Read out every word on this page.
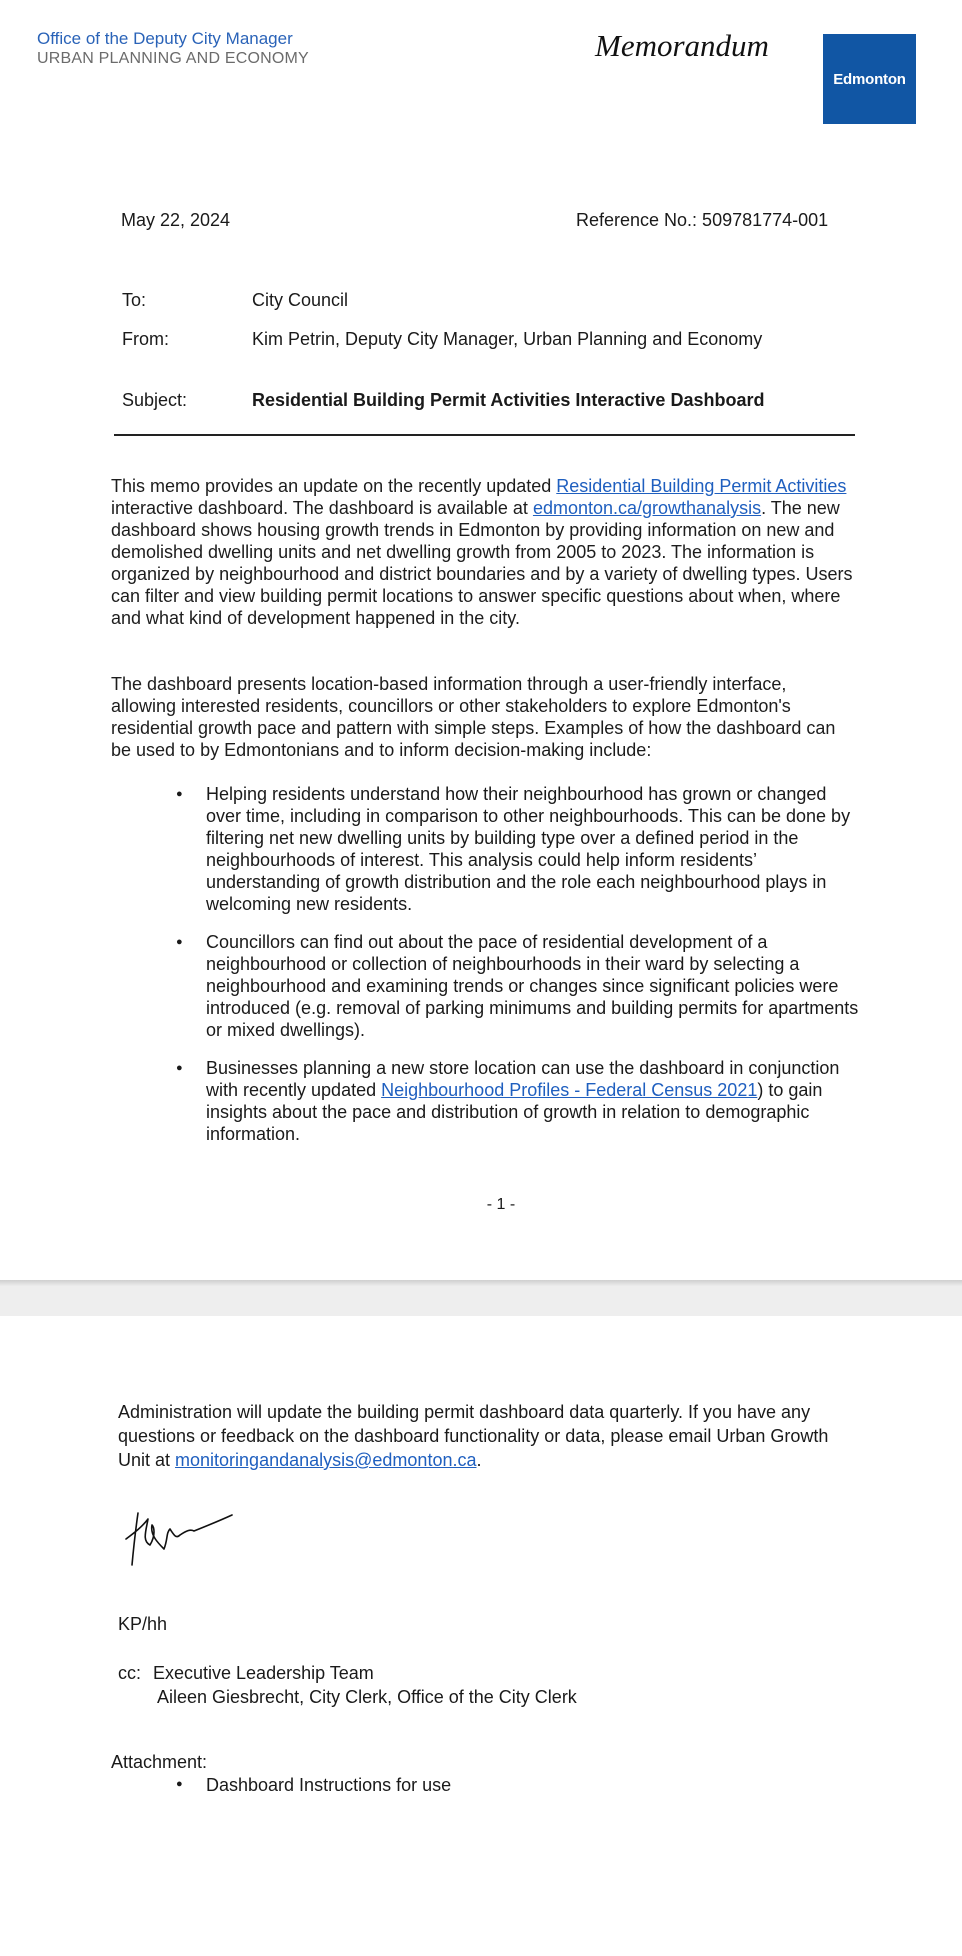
Office of the Deputy City Manager
URBAN PLANNING AND ECONOMY	Memorandum
Edmonton
May 22, 2024	Reference No.: 509781774-001
To:	City Council
From:	Kim Petrin, Deputy City Manager, Urban Planning and Economy
Subject:	Residential Building Permit Activities Interactive Dashboard
This memo provides an update on the recently updated Residential Building Permit Activities interactive dashboard. The dashboard is available at edmonton.ca/growthanalysis. The new dashboard shows housing growth trends in Edmonton by providing information on new and demolished dwelling units and net dwelling growth from 2005 to 2023. The information is organized by neighbourhood and district boundaries and by a variety of dwelling types. Users can filter and view building permit locations to answer specific questions about when, where and what kind of development happened in the city.
The dashboard presents location-based information through a user-friendly interface, allowing interested residents, councillors or other stakeholders to explore Edmonton's residential growth pace and pattern with simple steps. Examples of how the dashboard can be used to by Edmontonians and to inform decision-making include:
● Helping residents understand how their neighbourhood has grown or changed over time, including in comparison to other neighbourhoods. This can be done by filtering net new dwelling units by building type over a defined period in the neighbourhoods of interest. This analysis could help inform residents’ understanding of growth distribution and the role each neighbourhood plays in welcoming new residents.
● Councillors can find out about the pace of residential development of a neighbourhood or collection of neighbourhoods in their ward by selecting a neighbourhood and examining trends or changes since significant policies were introduced (e.g. removal of parking minimums and building permits for apartments or mixed dwellings).
● Businesses planning a new store location can use the dashboard in conjunction with recently updated Neighbourhood Profiles - Federal Census 2021) to gain insights about the pace and distribution of growth in relation to demographic information.
- 1 -
Administration will update the building permit dashboard data quarterly. If you have any questions or feedback on the dashboard functionality or data, please email Urban Growth Unit at monitoringandanalysis@edmonton.ca.
KP/hh
cc: Executive Leadership Team
Aileen Giesbrecht, City Clerk, Office of the City Clerk
Attachment:
● Dashboard Instructions for use
